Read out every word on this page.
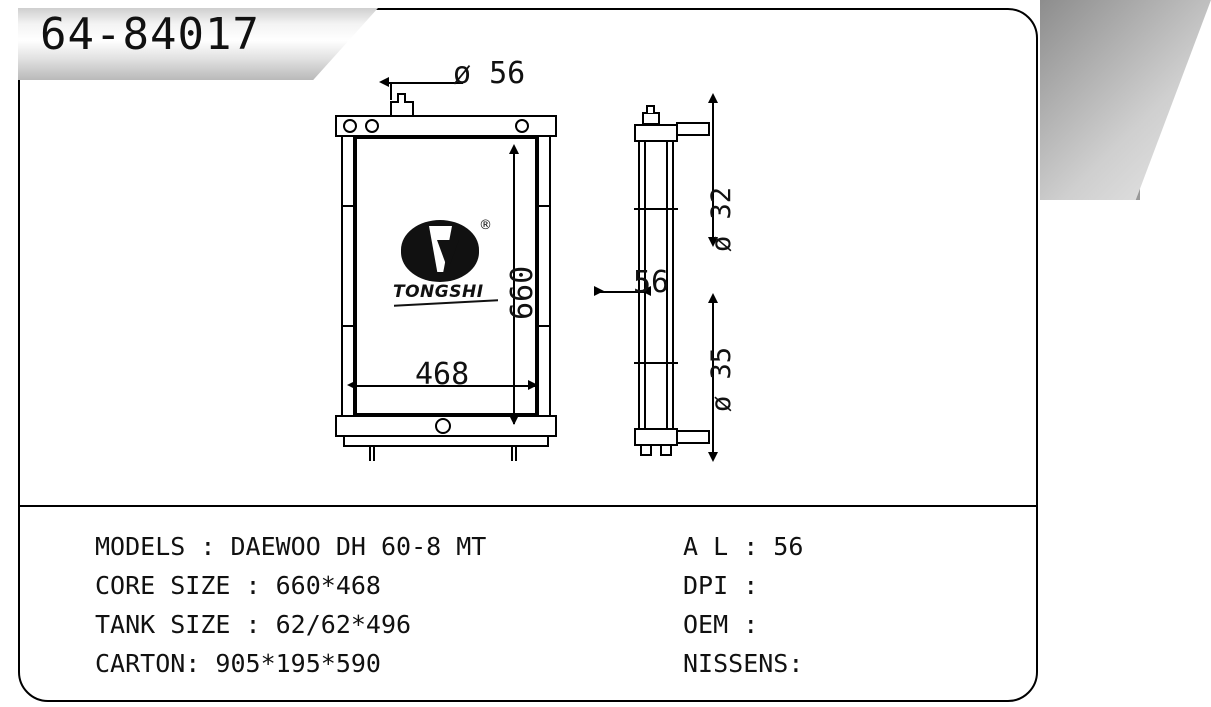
64-84017
®
TONGSHI
468
660
ø 56
56
ø 32
ø 35
MODELS : DAEWOO DH 60-8 MT
CORE SIZE : 660*468
TANK SIZE : 62/62*496
CARTON: 905*195*590
A L : 56
DPI :
OEM :
NISSENS:
